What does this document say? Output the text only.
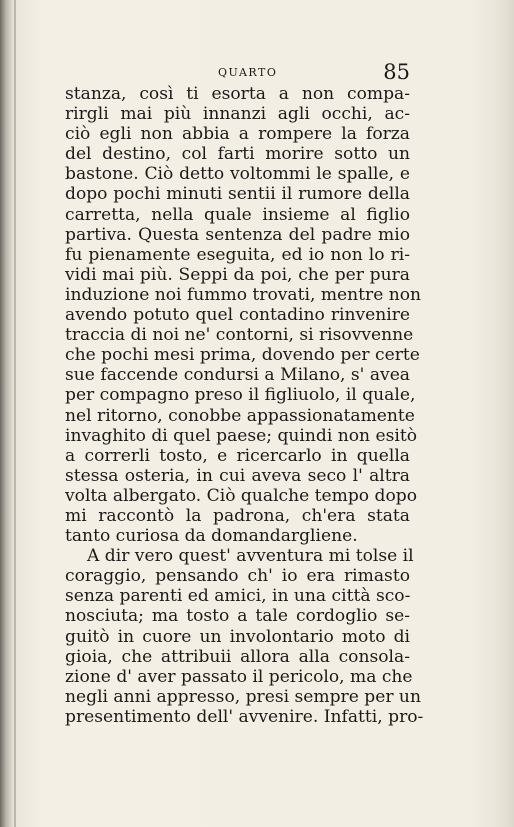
QUARTO	85
stanza, così ti esorta a non compa-
rirgli mai più innanzi agli occhi, ac-
ciò egli non abbia a rompere la forza
del destino, col farti morire sotto un
bastone. Ciò detto voltommi le spalle, e
dopo pochi minuti sentii il rumore della
carretta, nella quale insieme al figlio
partiva. Questa sentenza del padre mio
fu pienamente eseguita, ed io non lo ri-
vidi mai più. Seppi da poi, che per pura
induzione noi fummo trovati, mentre non
avendo potuto quel contadino rinvenire
traccia di noi ne' contorni, si risovvenne
che pochi mesi prima, dovendo per certe
sue faccende condursi a Milano, s' avea
per compagno preso il figliuolo, il quale,
nel ritorno, conobbe appassionatamente
invaghito di quel paese; quindi non esitò
a correrli tosto, e ricercarlo in quella
stessa osteria, in cui aveva seco l' altra
volta albergato. Ciò qualche tempo dopo
mi raccontò la padrona, ch'era stata
tanto curiosa da domandargliene.
A dir vero quest' avventura mi tolse il
coraggio, pensando ch' io era rimasto
senza parenti ed amici, in una città sco-
nosciuta; ma tosto a tale cordoglio se-
guitò in cuore un involontario moto di
gioia, che attribuii allora alla consola-
zione d' aver passato il pericolo, ma che
negli anni appresso, presi sempre per un
presentimento dell' avvenire. Infatti, pro-
